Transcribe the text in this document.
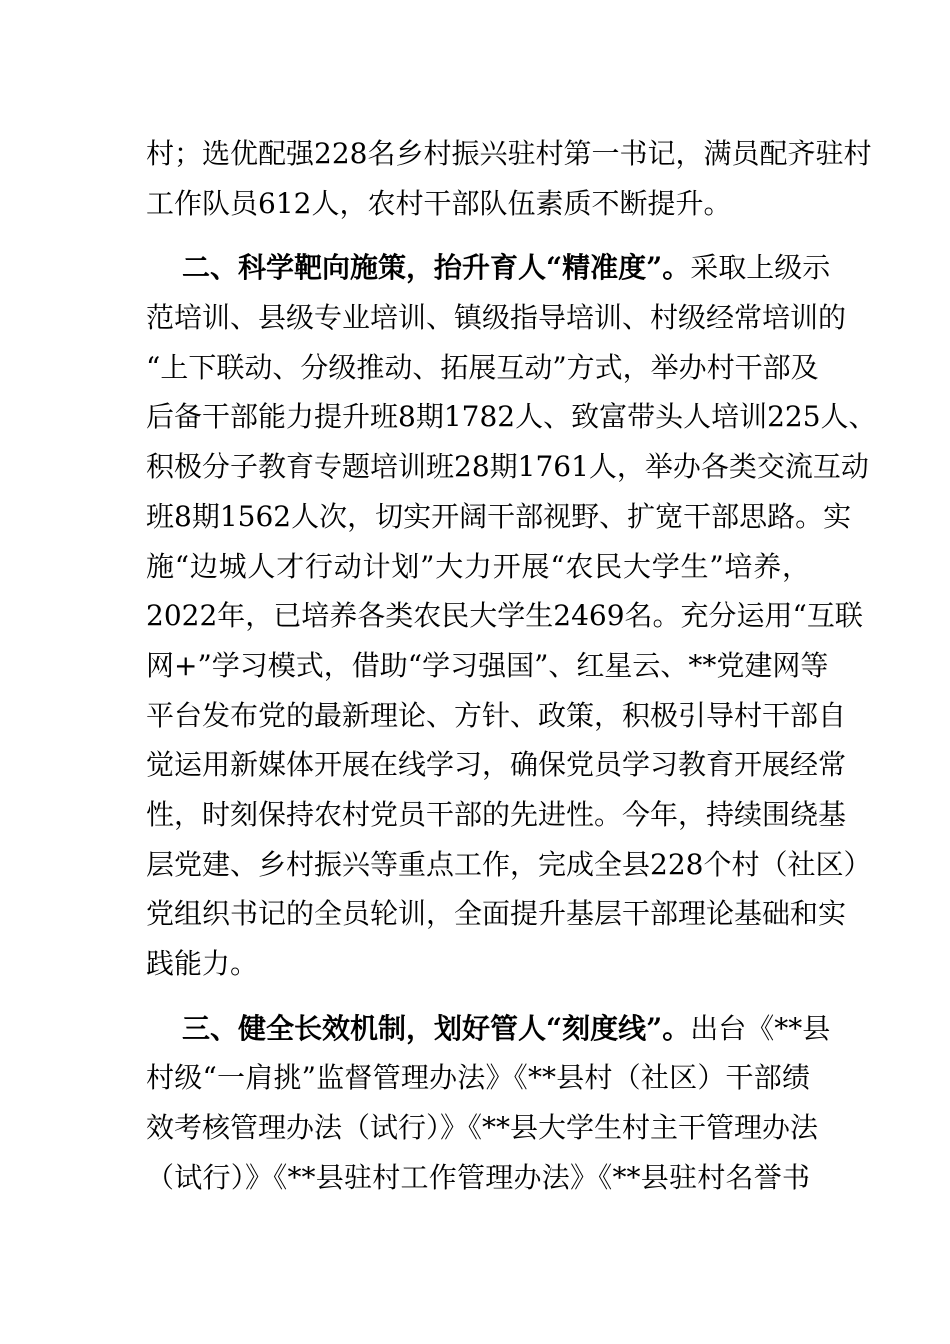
村；选优配强228名乡村振兴驻村第一书记，满员配齐驻村
工作队员612人，农村干部队伍素质不断提升。
二、科学靶向施策，抬升育人“精准度”。采取上级示
范培训、县级专业培训、镇级指导培训、村级经常培训的
“上下联动、分级推动、拓展互动”方式，举办村干部及
后备干部能力提升班8期1782人、致富带头人培训225人、
积极分子教育专题培训班28期1761人，举办各类交流互动
班8期1562人次，切实开阔干部视野、扩宽干部思路。实
施“边城人才行动计划”大力开展“农民大学生”培养，
2022年，已培养各类农民大学生2469名。充分运用“互联
网+”学习模式，借助“学习强国”、红星云、**党建网等
平台发布党的最新理论、方针、政策，积极引导村干部自
觉运用新媒体开展在线学习，确保党员学习教育开展经常
性，时刻保持农村党员干部的先进性。今年，持续围绕基
层党建、乡村振兴等重点工作，完成全县228个村（社区）
党组织书记的全员轮训，全面提升基层干部理论基础和实
践能力。
三、健全长效机制，划好管人“刻度线”。出台《**县
村级“一肩挑”监督管理办法》《**县村（社区）干部绩
效考核管理办法（试行）》《**县大学生村主干管理办法
（试行）》《**县驻村工作管理办法》《**县驻村名誉书
